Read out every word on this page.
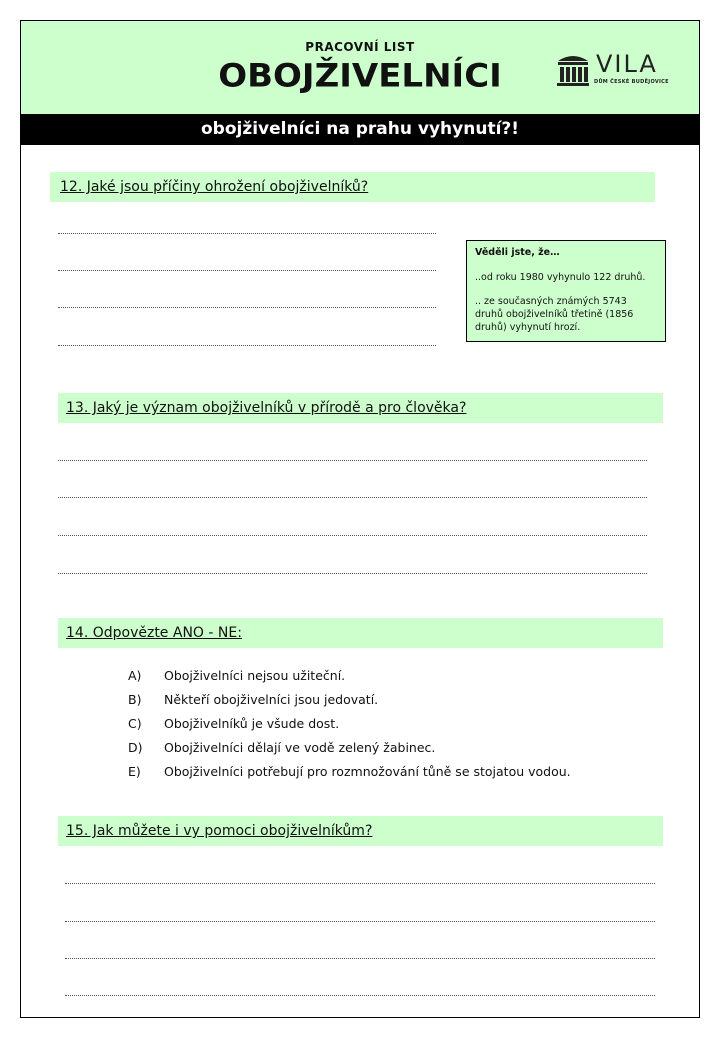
PRACOVNÍ LIST
OBOJŽIVELNÍCI	VILA
DŮM ČESKÉ BUDĚJOVICE
obojživelníci na prahu vyhynutí?!
12. Jaké jsou příčiny ohrožení obojživelníků?
Věděli jste, že…
..od roku 1980 vyhynulo 122 druhů.
.. ze současných známých 5743 druhů obojživelníků třetině (1856 druhů) vyhynutí hrozí.
13. Jaký je význam obojživelníků v přírodě a pro člověka?
14. Odpovězte ANO - NE:
A) Obojživelníci nejsou užiteční.
B) Někteří obojživelníci jsou jedovatí.
C) Obojživelníků je všude dost.
D) Obojživelníci dělají ve vodě zelený žabinec.
E) Obojživelníci potřebují pro rozmnožování tůně se stojatou vodou.
15. Jak můžete i vy pomoci obojživelníkům?
